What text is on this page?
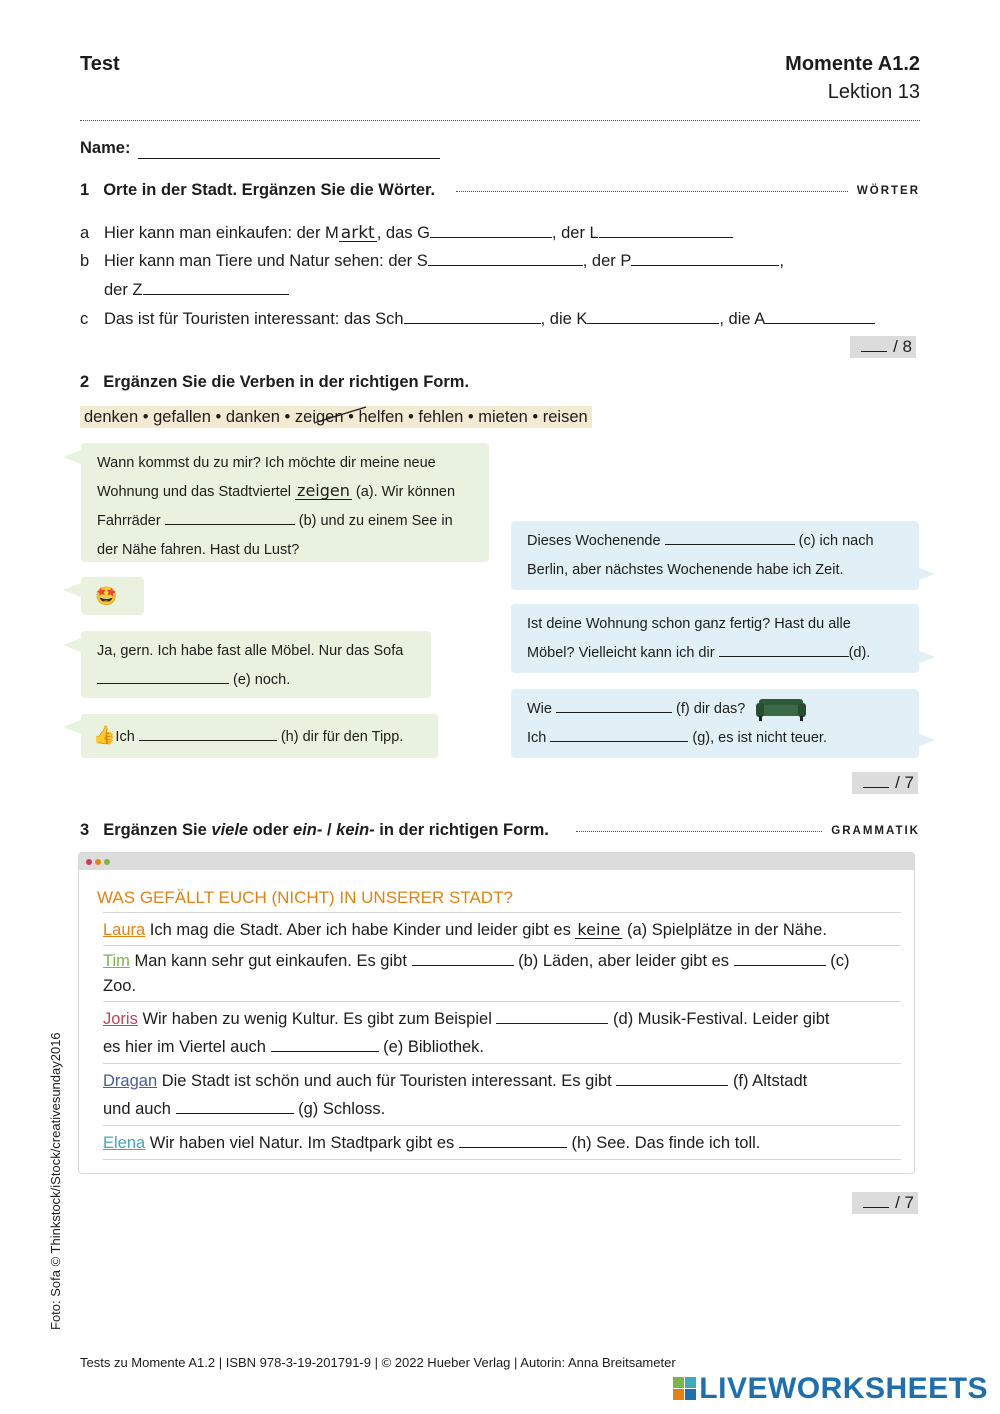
Test	Momente A1.2
Lektion 13
Name:
1 Orte in der Stadt. Ergänzen Sie die Wörter.	WÖRTER
a Hier kann man einkaufen: der M arkt , das G	, der L
b Hier kann man Tiere und Natur sehen: der S	, der P	,
der Z
c Das ist für Touristen interessant: das Sch	, die K	, die A
/ 8
2 Ergänzen Sie die Verben in der richtigen Form.
denken • gefallen • danken • zeigen • helfen • fehlen • mieten • reisen
Wann kommst du zu mir? Ich möchte dir meine neue
Wohnung und das Stadtviertel zeigen (a). Wir können
Fahrräder	(b) und zu einem See in
der Nähe fahren. Hast du Lust?
🤩
Ja, gern. Ich habe fast alle Möbel. Nur das Sofa
(e) noch.
👍Ich	(h) dir für den Tipp.
Dieses Wochenende	(c) ich nach
Berlin, aber nächstes Wochenende habe ich Zeit.
Ist deine Wohnung schon ganz fertig? Hast du alle
Möbel? Vielleicht kann ich dir	(d).
Wie	(f) dir das?
Ich	(g), es ist nicht teuer.
/ 7
3 Ergänzen Sie viele oder ein- / kein- in der richtigen Form.	GRAMMATIK
WAS GEFÄLLT EUCH (NICHT) IN UNSERER STADT?
Laura Ich mag die Stadt. Aber ich habe Kinder und leider gibt es keine (a) Spielplätze in der Nähe.
Tim Man kann sehr gut einkaufen. Es gibt	(b) Läden, aber leider gibt es	(c)
Zoo.
Joris Wir haben zu wenig Kultur. Es gibt zum Beispiel	(d) Musik-Festival. Leider gibt
es hier im Viertel auch	(e) Bibliothek.
Dragan Die Stadt ist schön und auch für Touristen interessant. Es gibt	(f) Altstadt
und auch	(g) Schloss.
Elena Wir haben viel Natur. Im Stadtpark gibt es	(h) See. Das finde ich toll.
/ 7
Foto: Sofa © Thinkstock/iStock/creativesunday2016
Tests zu Momente A1.2 | ISBN 978-3-19-201791-9 | © 2022 Hueber Verlag | Autorin: Anna Breitsameter
LIVEWORKSHEETS
